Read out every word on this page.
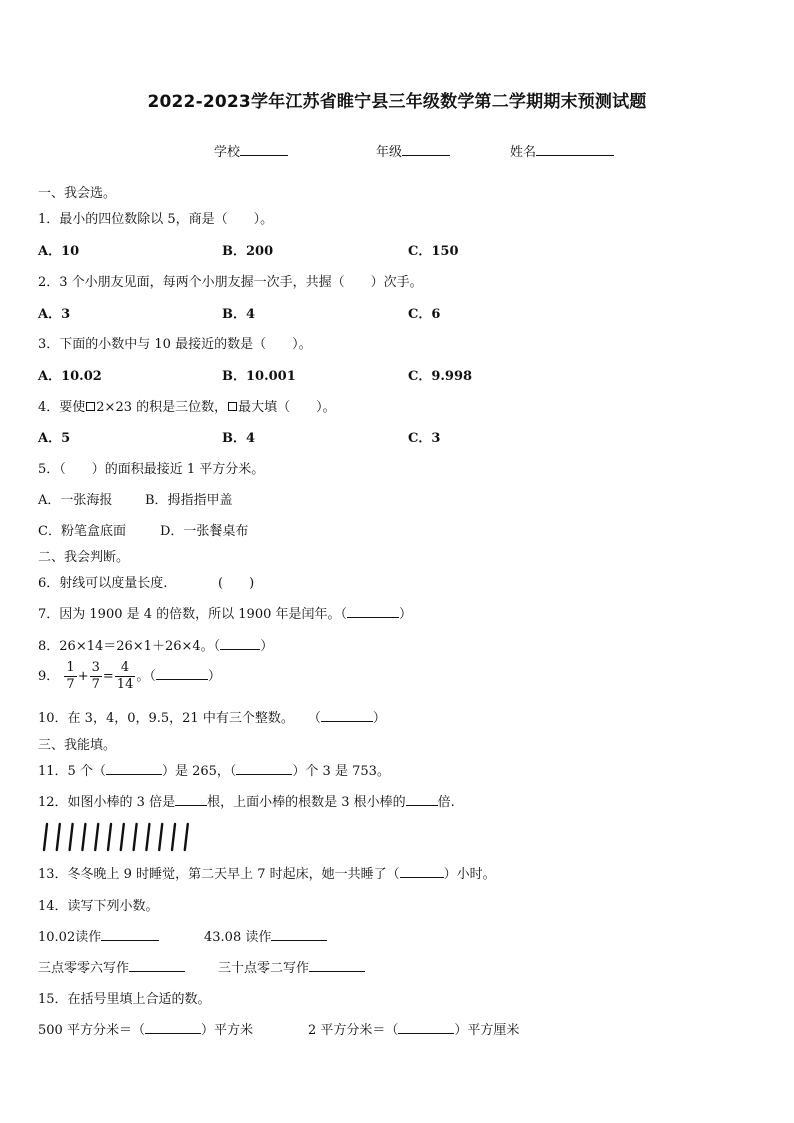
2022-2023学年江苏省睢宁县三年级数学第二学期期末预测试题
学校	年级	姓名
一、我会选。
1．最小的四位数除以 5，商是（　　）。
A．10	B．200	C．150
2．3 个小朋友见面，每两个小朋友握一次手，共握（　　）次手。
A．3	B．4	C．6
3．下面的小数中与 10 最接近的数是（　　）。
A．10.02	B．10.001	C．9.998
4．要使 2×23 的积是三位数， 最大填（　　）。
A．5	B．4	C．3
5．（　　）的面积最接近 1 平方分米。
A．一张海报	B．拇指指甲盖
C．粉笔盒底面	D．一张餐桌布
二、我会判断。
6．射线可以度量长度.	(　　)
7．因为 1900 是 4 的倍数，所以 1900 年是闰年。（	）
8．26×14＝26×1＋26×4。（	）
9． $\frac{1}{7} + \frac{3}{7} = \frac{4}{14}$ 。（	）
10．在 3，4，0，9.5，21 中有三个整数。 （	）
三、我能填。
11．5 个（	）是 265，（	）个 3 是 753。
12．如图小棒的 3 倍是 根，上面小棒的根数是 3 根小棒的 倍.
13．冬冬晚上 9 时睡觉，第二天早上 7 时起床，她一共睡了（	）小时。
14．读写下列小数。
10.02读作	43.08 读作
三点零零六写作	三十点零二写作
15．在括号里填上合适的数。
500 平方分米＝（	）平方米	2 平方分米＝（	）平方厘米
